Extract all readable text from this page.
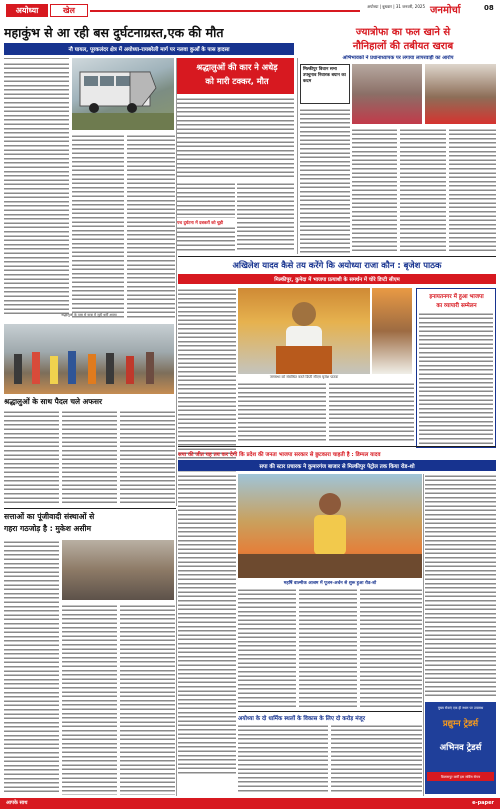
अयोध्या	खेल	अयोध्या | बुधवार | 31 जनवरी, 2025 जनमोर्चा	08
महाकुंभ से आ रही बस दुर्घटनाग्रस्त,एक की मौत
नौ घायल, पूरकलंदर क्षेत्र में अयोध्या-रायबरेली मार्ग पर नलवा कुआँ के पास हादसा
श्रद्धालुओं की कार ने अधेड़
को मारी टक्कर, मौत
पथ दुर्घटना में दबकरों को चुड़ी
ज्यात्रोफा का फल खाने से
नौनिहालों की तबीयत खराब
अभिभावकों ने प्रधानाध्यापक पर लगाया लापरवाही का आरोप
मिल्कीपुर विधान सभा उपचुनाव निवारक बयान का कदम
अखिलेश यादव कैसे तय करेंगे कि अयोध्या राजा कौन : बृजेश पाठक
मिल्कीपुर, कुमेदा में भाजपा प्रत्याशी के समर्थन में चोरे डिप्टी सीएम
जनसभा को संबोधित करते डिप्टी सीएम बृजेश पाठक
इनायतनगर में हुआ भाजपा
का व्यापारी सम्मेलन
श्रद्धालुओं के पास से यात्रा में जुटी धर्मी आत्मा
श्रद्धालुओं के साथ पैदल चले अफसर
सपा की जीत यह तय कर देगी कि प्रदेश की जनता भाजपा सरकार से छुटकारा चाहती है : डिम्पल यादव
सपा की स्टार प्रचारक ने कुमारगंज बाजार से मिल्कीपुर पेट्रोल तक किया रोड-शो
सत्ताओं का पूंजीवादी संस्थाओं से
गहरा गठजोड़ है : मुकेश असीम
महर्षि वाल्मीक आश्रम में पूजन-अर्चन से शुरू हुआ रोड-शो
अयोध्या के दो धार्मिक स्थलों के विकास के लिए दो करोड़ मंजूर
मुख्य सेवाएं एक ही स्थान पर उपलब्ध
प्रद्युम्न ट्रेडर्स
अभिनव ट्रेडर्स
बिलासपुर कर्मी इस सर्विस सेन्टर
आपके साथ	e-paper
